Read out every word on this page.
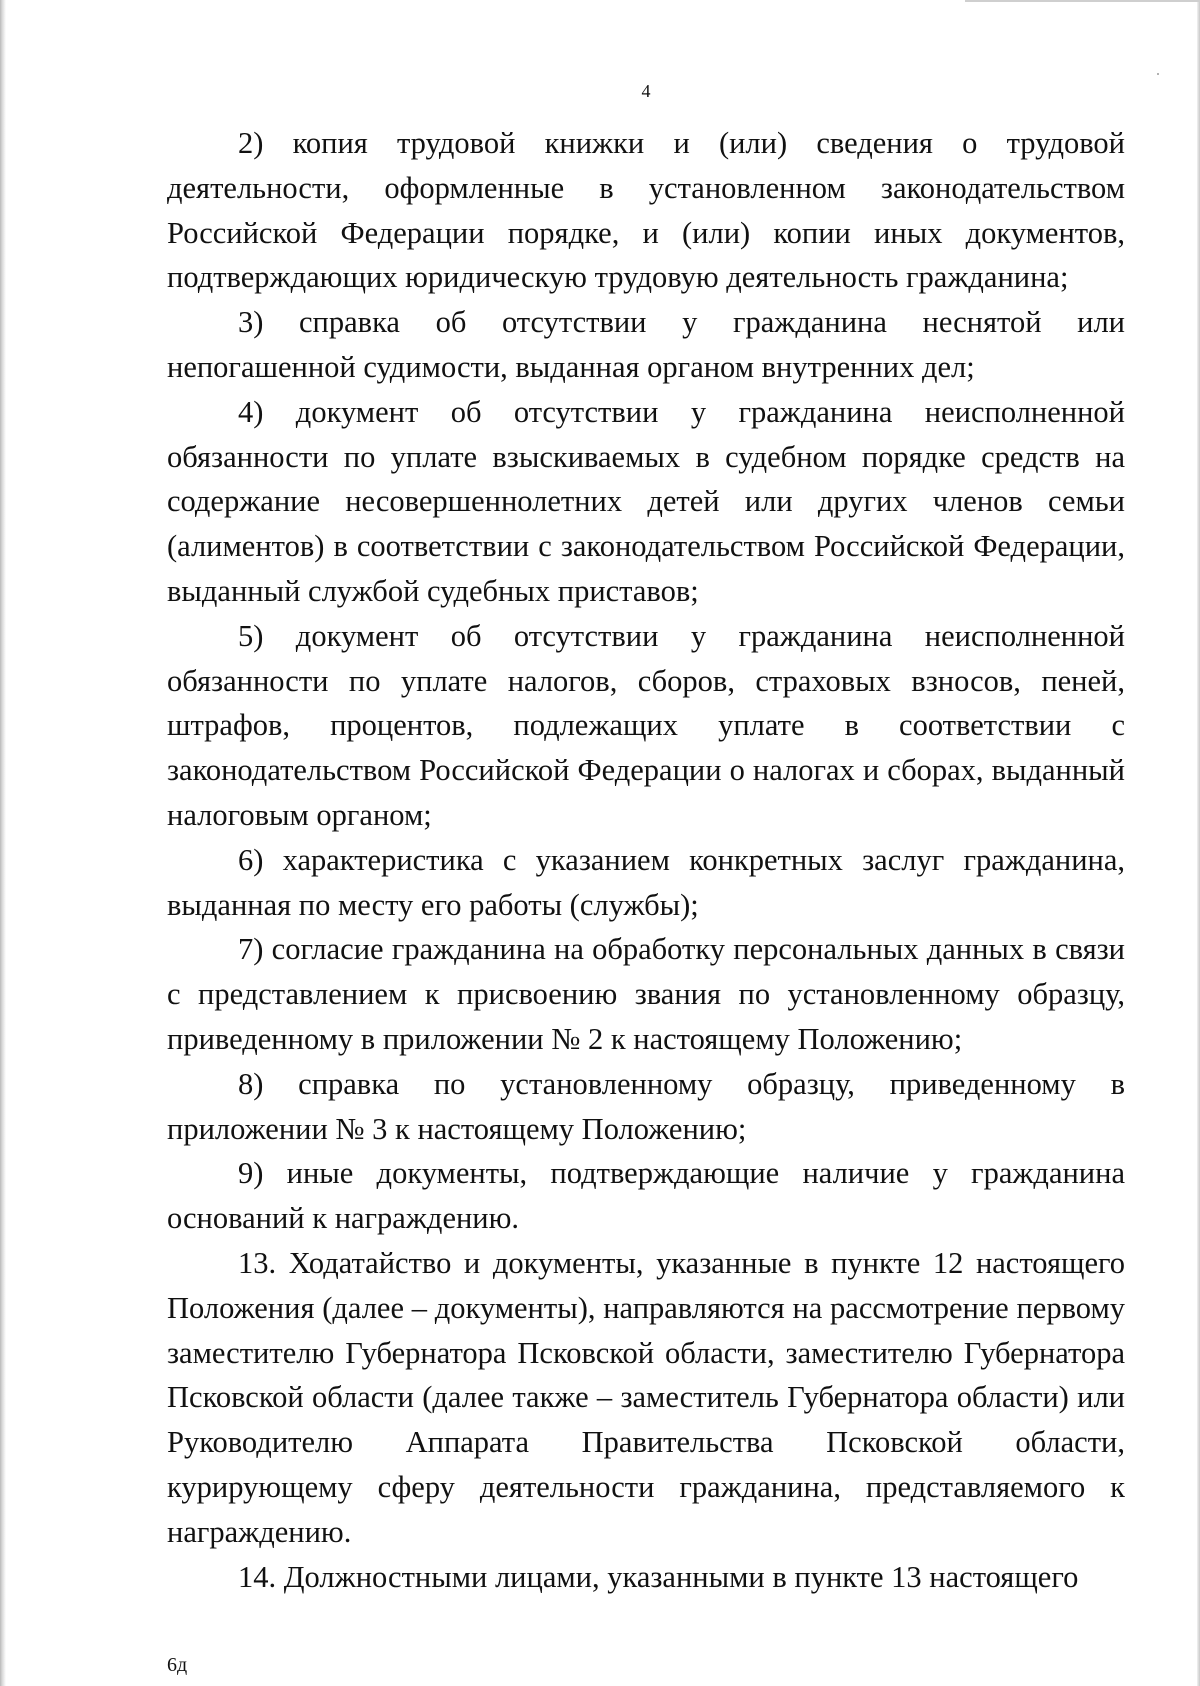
4

2) копия трудовой книжки и (или) сведения о трудовой деятельности, оформленные в установленном законодательством Российской Федерации порядке, и (или) копии иных документов, подтверждающих юридическую трудовую деятельность гражданина;

3) справка об отсутствии у гражданина неснятой или непогашенной судимости, выданная органом внутренних дел;

4) документ об отсутствии у гражданина неисполненной обязанности по уплате взыскиваемых в судебном порядке средств на содержание несовершеннолетних детей или других членов семьи (алиментов) в соответствии с законодательством Российской Федерации, выданный службой судебных приставов;

5) документ об отсутствии у гражданина неисполненной обязанности по уплате налогов, сборов, страховых взносов, пеней, штрафов, процентов, подлежащих уплате в соответствии с законодательством Российской Федерации о налогах и сборах, выданный налоговым органом;

6) характеристика с указанием конкретных заслуг гражданина, выданная по месту его работы (службы);

7) согласие гражданина на обработку персональных данных в связи с представлением к присвоению звания по установленному образцу, приведенному в приложении № 2 к настоящему Положению;

8) справка по установленному образцу, приведенному в приложении № 3 к настоящему Положению;

9) иные документы, подтверждающие наличие у гражданина оснований к награждению.

13. Ходатайство и документы, указанные в пункте 12 настоящего Положения (далее – документы), направляются на рассмотрение первому заместителю Губернатора Псковской области, заместителю Губернатора Псковской области (далее также – заместитель Губернатора области) или Руководителю Аппарата Правительства Псковской области, курирующему сферу деятельности гражданина, представляемого к награждению.

14. Должностными лицами, указанными в пункте 13 настоящего

6д
